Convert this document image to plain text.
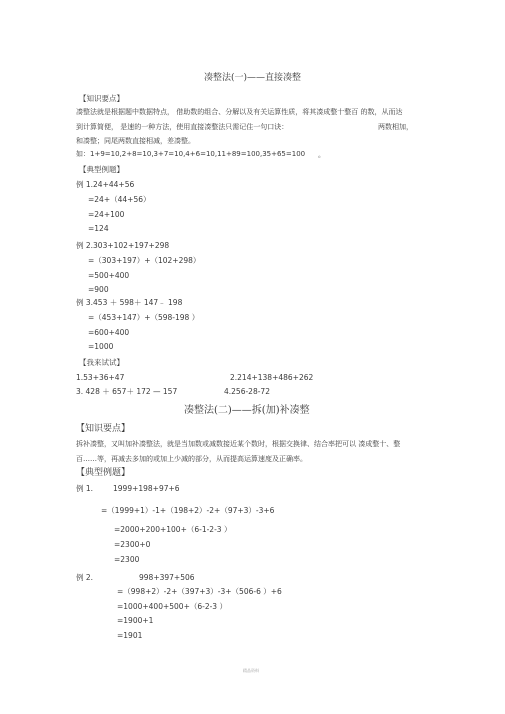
凑整法(一)——直接凑整
【知识要点】
凑整法就是根据题中数据特点， 借助数的组合、分解以及有关运算性质，将其凑成整十整百 的数，从而达
到计算简便， 是速的一种方法，使用直接凑整法只需记住一句口诀：	两数相加，
和凑整；同尾两数直接相减，差凑整。
如：1+9=10,2+8=10,3+7=10,4+6=10,11+89=100,35+65=100 。
【典型例题】
例 1.24+44+56
=24+（44+56）
=24+100
=124
例 2.303+102+197+298
=（303+197）+（102+298）
=500+400
=900
例 3.453 ＋ 598＋ 147﹣ 198
=（453+147）+（598-198 ）
=600+400
=1000
【我来试试】
1.53+36+47	2.214+138+486+262
3. 428 ＋ 657＋ 172 — 157	4.256-28-72
凑整法(二)——拆(加)补凑整
【知识要点】
拆补凑整，又叫加补凑整法，就是当加数或减数接近某个数时，根据交换律、结合率把可以 凑成整十、整
百……等，再减去多加的或加上少减的部分，从而提高运算速度及正确率。
【典型例题】
例 1.	1999+198+97+6
=（1999+1）-1+（198+2）-2+（97+3）-3+6
=2000+200+100+（6-1-2-3 ）
=2300+0
=2300
例 2.	998+397+506
=（998+2）-2+（397+3）-3+（506-6 ）+6
=1000+400+500+（6-2-3 ）
=1900+1
=1901
精品资料
